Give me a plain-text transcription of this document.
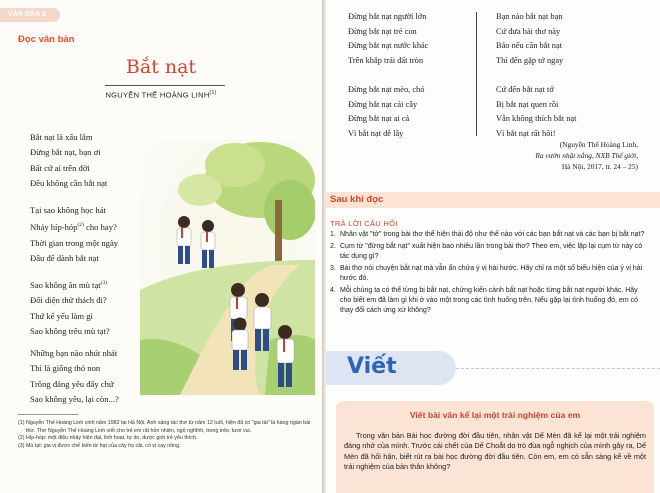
VĂN BẢN 3
Đọc văn bản
Bắt nạt
NGUYỄN THẾ HOÀNG LINH$^{(1)}$
Bắt nạt là xấu lắm
Đừng bắt nạt, bạn ơi
Bất cứ ai trên đời
Đều không cần bắt nạt
Tại sao không học hát
Nhảy híp-hóp$^{(2)}$ cho hay?
Thời gian trong một ngày
Đâu để dành bắt nạt
Sao không ăn mù tạt$^{(3)}$
Đối diện thử thách đi?
Thứ kể yếu làm gì
Sao không trêu mù tạt?
Những bạn nào nhút nhát
Thì là giống thỏ non
Trông đáng yêu đấy chứ
Sao không yêu, lại còn...?
(1) Nguyễn Thế Hoàng Linh sinh năm 1982 tại Hà Nội. Anh sáng tác thơ từ năm 12 tuổi, hiện đã có "gia tài" là hàng ngàn bài thơ. Thơ Nguyễn Thế Hoàng Linh viết cho trẻ em rất hồn nhiên, ngộ nghĩnh, trong trẻo, tươi vui.
(2) Híp-hóp: một điệu nhảy hiện đại, linh hoạt, tự do, được giới trẻ yêu thích.
(3) Mù tạt: gia vị được chế biến từ hạt của cây họ cải, có vị cay nồng.
Đừng bắt nạt người lớn
Đừng bắt nạt trẻ con
Đừng bắt nạt nước khác
Trên khắp trái đất tròn
Đừng bắt nạt mèo, chó
Đừng bắt nạt cái cây
Đừng bắt nạt ai cả
Vì bắt nạt dễ lây
Bạn nào bắt nạt bạn
Cứ đưa bài thơ này
Bảo nếu cần bắt nạt
Thì đến gặp tớ ngay
Cứ đến bắt nạt tớ
Bị bắt nạt quen rồi
Vẫn không thích bắt nạt
Vì bắt nạt rất hôi!
(Nguyễn Thế Hoàng Linh,
Ra vườn nhặt nắng, NXB Thế giới,
Hà Nội, 2017, tr. 24 – 25)
Sau khi đọc
TRẢ LỜI CÂU HỎI
1. Nhân vật "tớ" trong bài thơ thể hiện thái độ như thế nào với các bạn bắt nạt và các bạn bị bắt nạt?
2. Cụm từ "đừng bắt nạt" xuất hiện bao nhiêu lần trong bài thơ? Theo em, việc lặp lại cụm từ này có tác dụng gì?
3. Bài thơ nói chuyện bắt nạt mà vẫn ẩn chứa ý vị hài hước. Hãy chỉ ra một số biểu hiện của ý vị hài hước đó.
4. Mỗi chúng ta có thể từng bị bắt nạt, chứng kiến cảnh bắt nạt hoặc từng bắt nạt người khác. Hãy cho biết em đã làm gì khi ở vào một trong các tình huống trên. Nếu gặp lại tình huống đó, em có thay đổi cách ứng xử không?
Viết
Viết bài văn kể lại một trải nghiệm của em
Trong văn bản Bài học đường đời đầu tiên, nhân vật Dế Mèn đã kể lại một trải nghiệm đáng nhớ của mình. Trước cái chết của Dế Choắt do trò đùa ngỗ nghịch của mình gây ra, Dế Mèn đã hối hận, biết rút ra bài học đường đời đầu tiên. Còn em, em có sẵn sàng kể về một trải nghiệm của bản thân không?
